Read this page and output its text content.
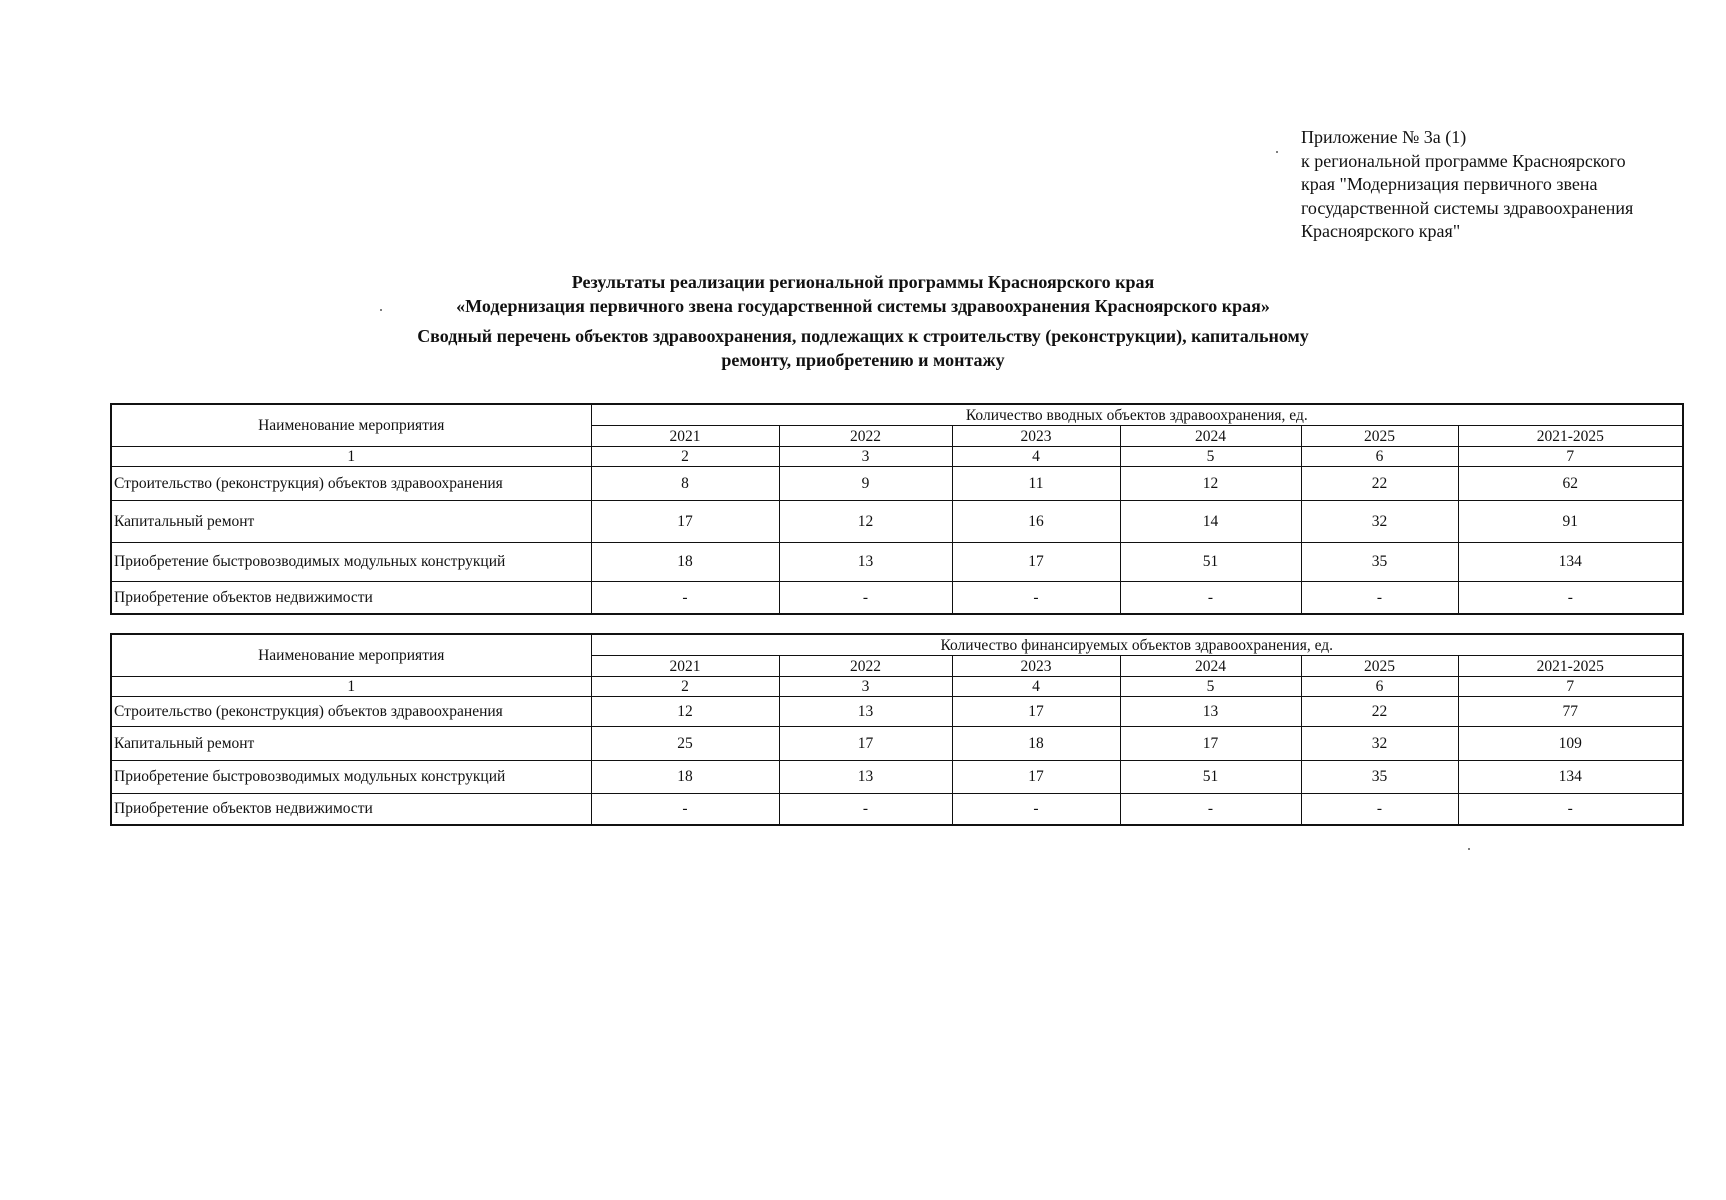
Приложение № 3а (1)
к региональной программе Красноярского
края "Модернизация первичного звена
государственной системы здравоохранения
Красноярского края"
Результаты реализации региональной программы Красноярского края
«Модернизация первичного звена государственной системы здравоохранения Красноярского края»
Сводный перечень объектов здравоохранения, подлежащих к строительству (реконструкции), капитальному
ремонту, приобретению и монтажу
Наименование мероприятия	Количество вводных объектов здравоохранения, ед.					
	2021	2022	2023	2024	2025	2021-2025
1	2	3	4	5	6	7
Строительство (реконструкция) объектов здравоохранения	8	9	11	12	22	62
Капитальный ремонт	17	12	16	14	32	91
Приобретение быстровозводимых модульных конструкций	18	13	17	51	35	134
Приобретение объектов недвижимости	-	-	-	-	-	-
Наименование мероприятия	Количество финансируемых объектов здравоохранения, ед.					
	2021	2022	2023	2024	2025	2021-2025
1	2	3	4	5	6	7
Строительство (реконструкция) объектов здравоохранения	12	13	17	13	22	77
Капитальный ремонт	25	17	18	17	32	109
Приобретение быстровозводимых модульных конструкций	18	13	17	51	35	134
Приобретение объектов недвижимости	-	-	-	-	-	-
